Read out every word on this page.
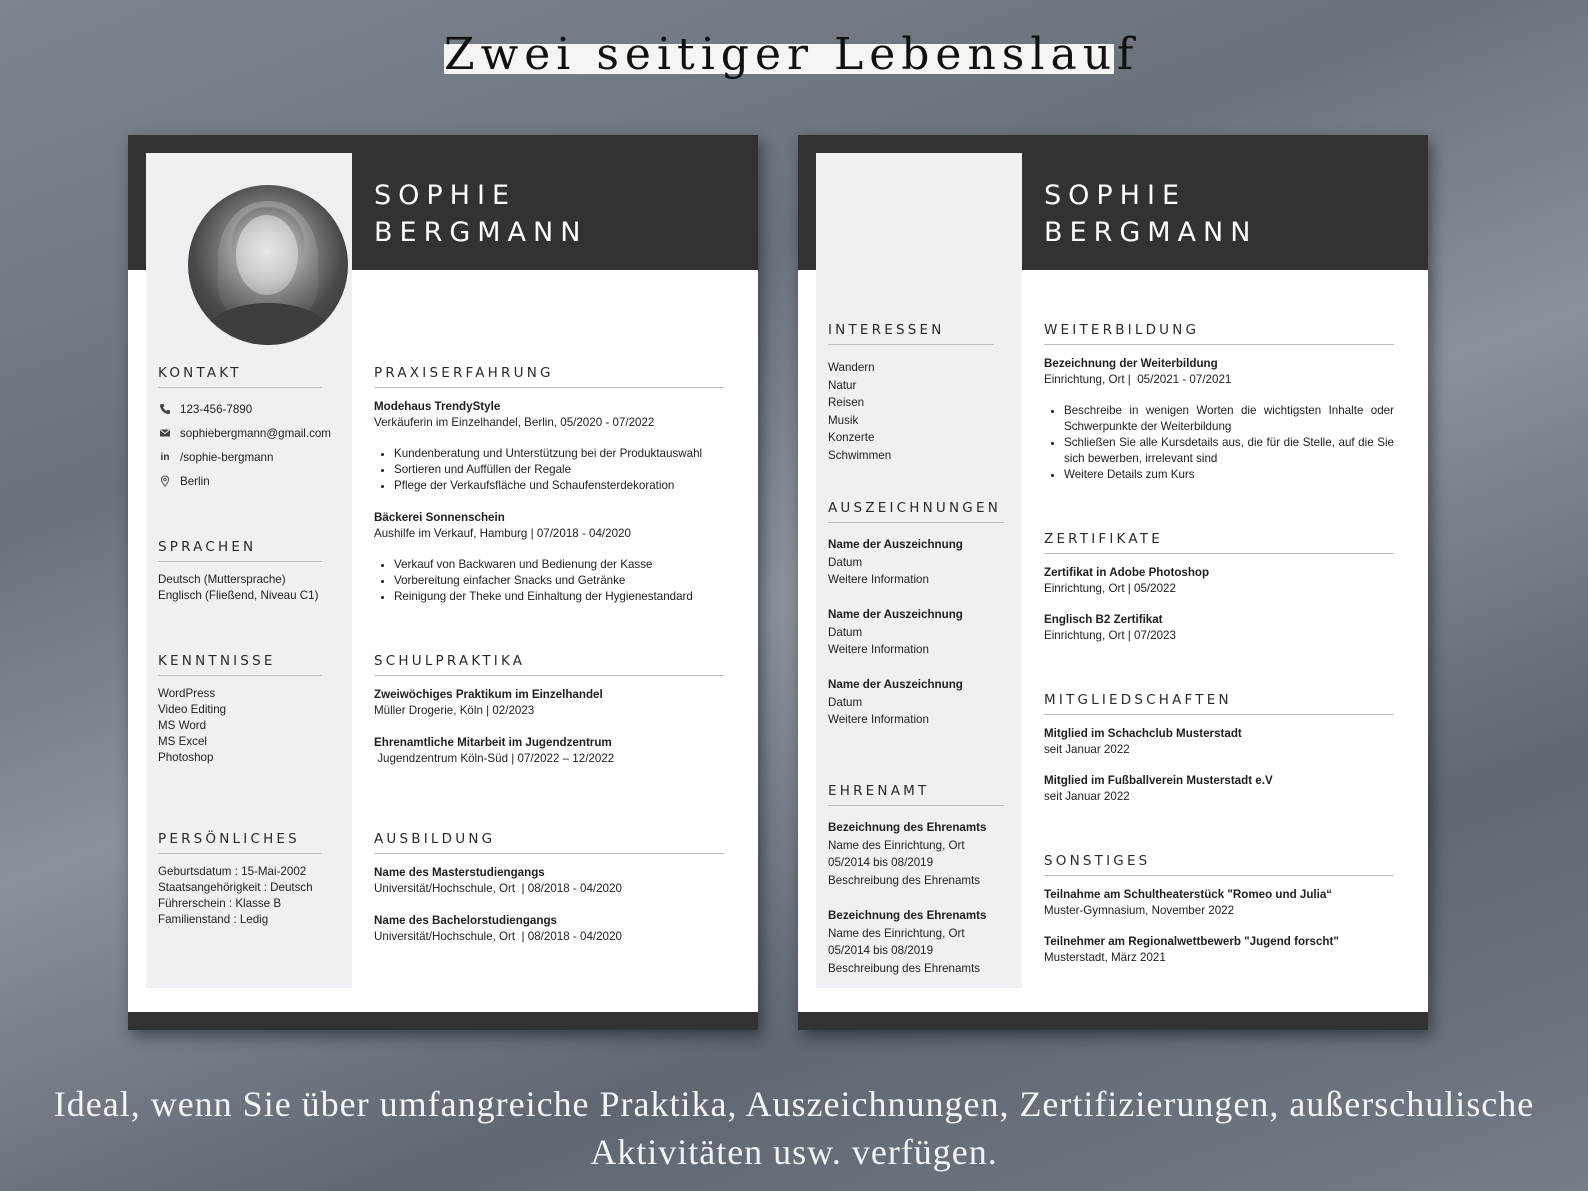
Zwei seitiger Lebenslauf
SOPHIE
BERGMANN
KONTAKT
123-456-7890
sophiebergmann@gmail.com
in /sophie-bergmann
Berlin
SPRACHEN
Deutsch (Muttersprache)
Englisch (Fließend, Niveau C1)
KENNTNISSE
WordPress
Video Editing
MS Word
MS Excel
Photoshop
PERSÖNLICHES
Geburtsdatum : 15-Mai-2002
Staatsangehörigkeit : Deutsch
Führerschein : Klasse B
Familienstand : Ledig
PRAXISERFAHRUNG
Modehaus TrendyStyle
Verkäuferin im Einzelhandel, Berlin, 05/2020 - 07/2022
• Kundenberatung und Unterstützung bei der Produktauswahl
• Sortieren und Auffüllen der Regale
• Pflege der Verkaufsfläche und Schaufensterdekoration
Bäckerei Sonnenschein
Aushilfe im Verkauf, Hamburg | 07/2018 - 04/2020
• Verkauf von Backwaren und Bedienung der Kasse
• Vorbereitung einfacher Snacks und Getränke
• Reinigung der Theke und Einhaltung der Hygienestandard
SCHULPRAKTIKA
Zweiwöchiges Praktikum im Einzelhandel
Müller Drogerie, Köln | 02/2023
Ehrenamtliche Mitarbeit im Jugendzentrum
Jugendzentrum Köln-Süd | 07/2022 – 12/2022
AUSBILDUNG
Name des Masterstudiengangs
Universität/Hochschule, Ort  | 08/2018 - 04/2020
Name des Bachelorstudiengangs
Universität/Hochschule, Ort  | 08/2018 - 04/2020
SOPHIE
BERGMANN
INTERESSEN
Wandern
Natur
Reisen
Musik
Konzerte
Schwimmen
AUSZEICHNUNGEN
Name der Auszeichnung
Datum
Weitere Information
Name der Auszeichnung
Datum
Weitere Information
Name der Auszeichnung
Datum
Weitere Information
EHRENAMT
Bezeichnung des Ehrenamts
Name des Einrichtung, Ort
05/2014 bis 08/2019
Beschreibung des Ehrenamts
Bezeichnung des Ehrenamts
Name des Einrichtung, Ort
05/2014 bis 08/2019
Beschreibung des Ehrenamts
WEITERBILDUNG
Bezeichnung der Weiterbildung
Einrichtung, Ort |  05/2021 - 07/2021
• Beschreibe in wenigen Worten die wichtigsten Inhalte oder Schwerpunkte der Weiterbildung
• Schließen Sie alle Kursdetails aus, die für die Stelle, auf die Sie sich bewerben, irrelevant sind
• Weitere Details zum Kurs
ZERTIFIKATE
Zertifikat in Adobe Photoshop
Einrichtung, Ort | 05/2022
Englisch B2 Zertifikat
Einrichtung, Ort | 07/2023
MITGLIEDSCHAFTEN
Mitglied im Schachclub Musterstadt
seit Januar 2022
Mitglied im Fußballverein Musterstadt e.V
seit Januar 2022
SONSTIGES
Teilnahme am Schultheaterstück "Romeo und Julia“
Muster-Gymnasium, November 2022
Teilnehmer am Regionalwettbewerb "Jugend forscht"
Musterstadt, März 2021
Ideal, wenn Sie über umfangreiche Praktika, Auszeichnungen, Zertifizierungen, außerschulische
Aktivitäten usw. verfügen.
